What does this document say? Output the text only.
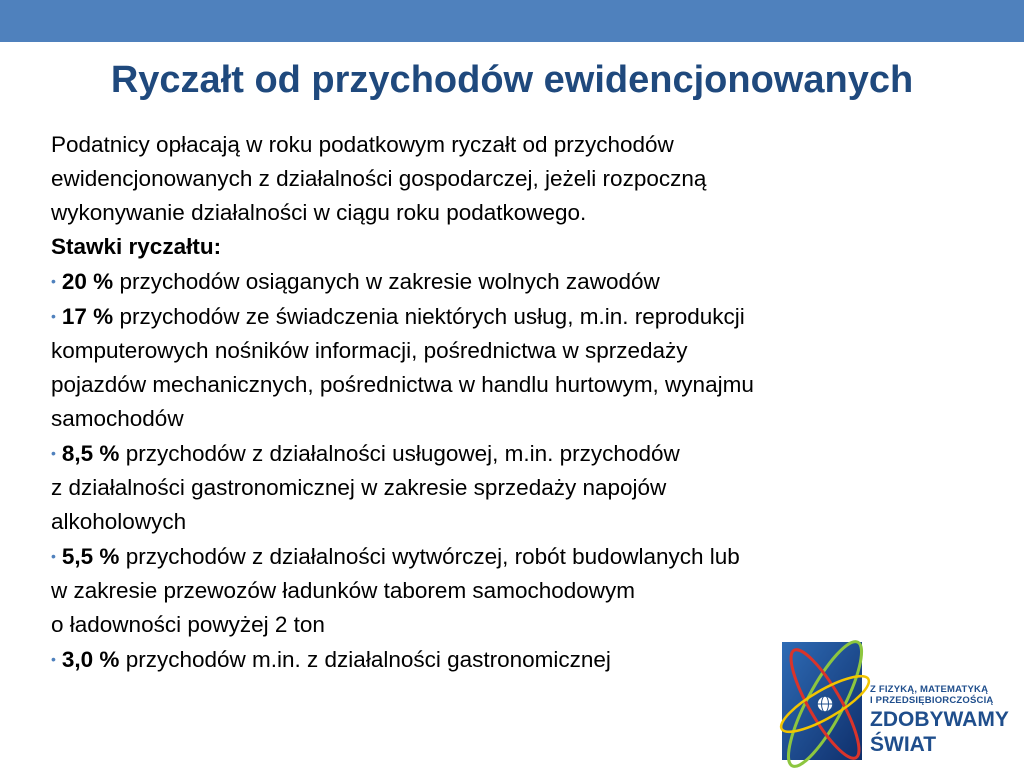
Ryczałt od przychodów ewidencjonowanych

Podatnicy opłacają w roku podatkowym ryczałt od przychodów

ewidencjonowanych z działalności gospodarczej, jeżeli rozpoczną

wykonywanie działalności w ciągu roku podatkowego.

Stawki ryczałtu:

• 20 % przychodów osiąganych w zakresie wolnych zawodów

• 17 % przychodów ze świadczenia niektórych usług, m.in. reprodukcji

komputerowych nośników informacji, pośrednictwa w sprzedaży

pojazdów mechanicznych, pośrednictwa w handlu hurtowym, wynajmu

samochodów

• 8,5 % przychodów z działalności usługowej, m.in. przychodów

z działalności gastronomicznej w zakresie sprzedaży napojów

alkoholowych

• 5,5 % przychodów z działalności wytwórczej, robót budowlanych lub

w zakresie przewozów ładunków taborem samochodowym

o ładowności powyżej 2 ton

• 3,0 % przychodów m.in. z działalności gastronomicznej

Z FIZYKĄ, MATEMATYKĄ
I PRZEDSIĘBIORCZOŚCIĄ
ZDOBYWAMY
ŚWIAT
